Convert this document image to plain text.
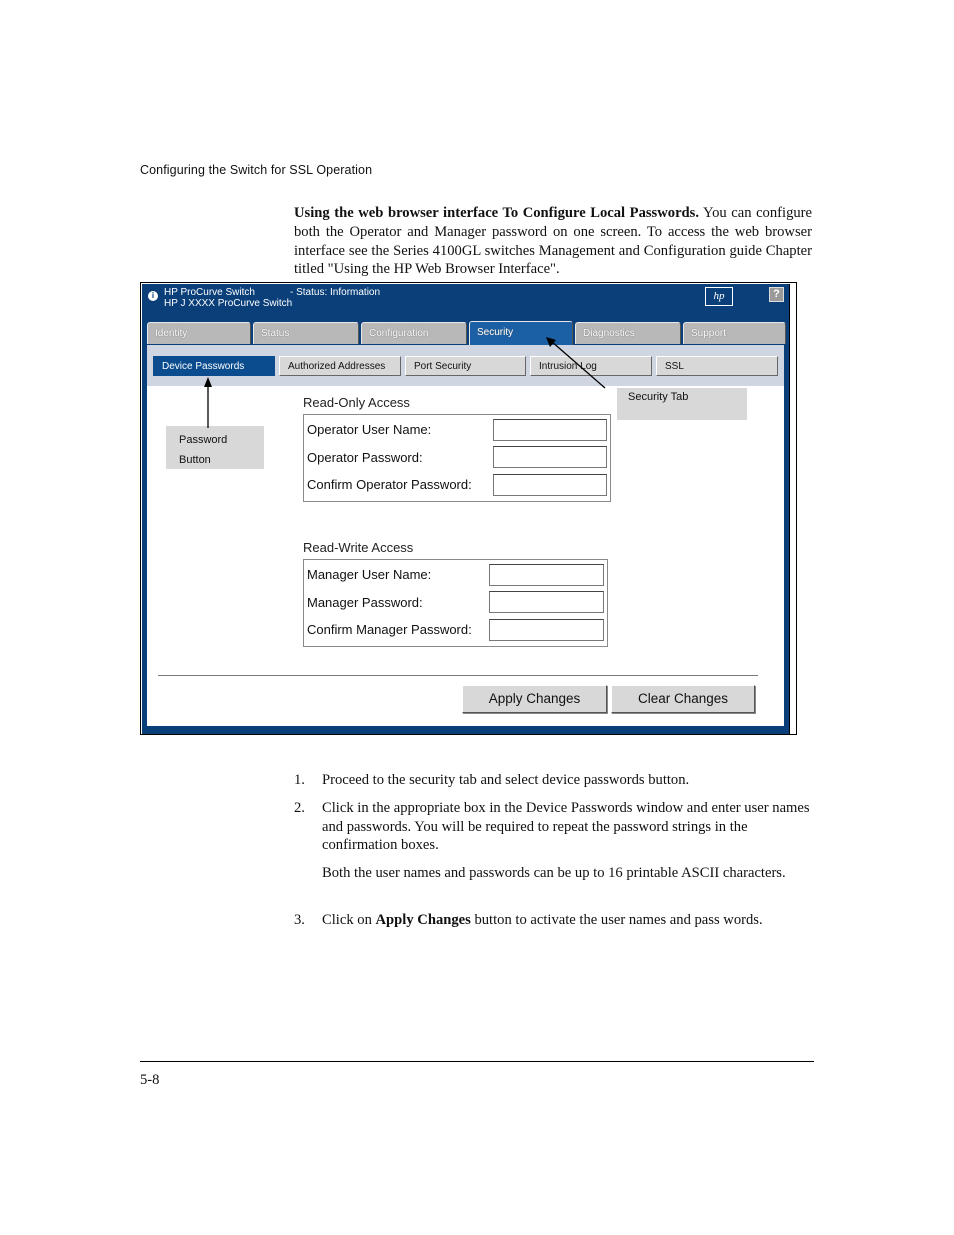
Configuring the Switch for SSL Operation
Using the web browser interface To Configure Local Passwords. You can configure both the Operator and Manager password on one screen. To access the web browser interface see the Series 4100GL switches Management and Configuration guide Chapter titled "Using the HP Web Browser Interface".
i HP ProCurve Switch
HP J XXXX ProCurve Switch
- Status: Information	hp	?
Identity	Status	Configuration	Security	Diagnostics	Support
Device Passwords	Authorized Addresses	Port Security	Intrusion Log	SSL
Read-Only Access
Operator User Name:
Operator Password:
Confirm Operator Password:
Read-Write Access
Manager User Name:
Manager Password:
Confirm Manager Password:
Apply Changes	Clear Changes
Security Tab
Password
Button
1. Proceed to the security tab and select device passwords button.
2. Click in the appropriate box in the Device Passwords window and enter user names and passwords. You will be required to repeat the password strings in the confirmation boxes.
Both the user names and passwords can be up to 16 printable ASCII characters.
3. Click on Apply Changes button to activate the user names and pass words.
5-8
